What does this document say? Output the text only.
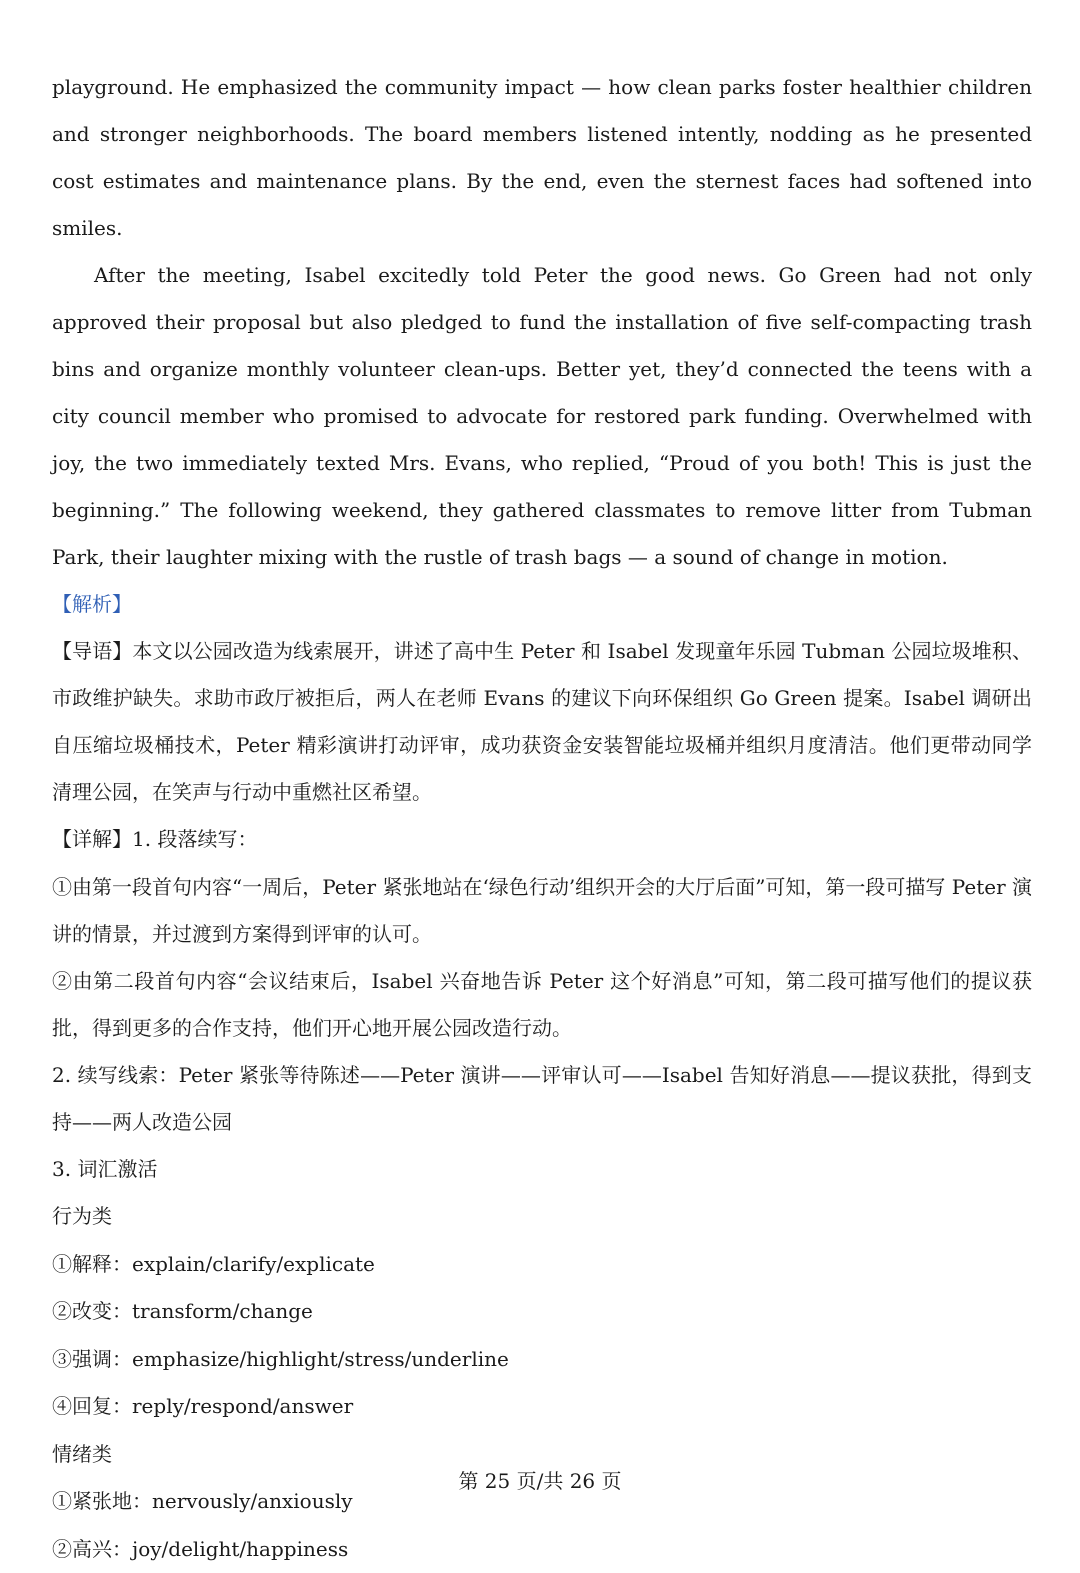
playground. He emphasized the community impact — how clean parks foster healthier children and stronger neighborhoods. The board members listened intently, nodding as he presented cost estimates and maintenance plans. By the end, even the sternest faces had softened into smiles.

After the meeting, Isabel excitedly told Peter the good news. Go Green had not only approved their proposal but also pledged to fund the installation of five self-compacting trash bins and organize monthly volunteer clean-ups. Better yet, they’d connected the teens with a city council member who promised to advocate for restored park funding. Overwhelmed with joy, the two immediately texted Mrs. Evans, who replied, “Proud of you both! This is just the beginning.” The following weekend, they gathered classmates to remove litter from Tubman Park, their laughter mixing with the rustle of trash bags — a sound of change in motion.

【解析】

【导语】本文以公园改造为线索展开，讲述了高中生 Peter 和 Isabel 发现童年乐园 Tubman 公园垃圾堆积、市政维护缺失。求助市政厅被拒后，两人在老师 Evans 的建议下向环保组织 Go Green 提案。Isabel 调研出自压缩垃圾桶技术，Peter 精彩演讲打动评审，成功获资金安装智能垃圾桶并组织月度清洁。他们更带动同学清理公园，在笑声与行动中重燃社区希望。

【详解】1. 段落续写：

①由第一段首句内容“一周后，Peter 紧张地站在‘绿色行动’组织开会的大厅后面”可知，第一段可描写 Peter 演讲的情景，并过渡到方案得到评审的认可。

②由第二段首句内容“会议结束后，Isabel 兴奋地告诉 Peter 这个好消息”可知，第二段可描写他们的提议获批，得到更多的合作支持，他们开心地开展公园改造行动。

2. 续写线索：Peter 紧张等待陈述——Peter 演讲——评审认可——Isabel 告知好消息——提议获批，得到支持——两人改造公园

3. 词汇激活

行为类

①解释：explain/clarify/explicate

②改变：transform/change

③强调：emphasize/highlight/stress/underline

④回复：reply/respond/answer

情绪类

①紧张地：nervously/anxiously

②高兴：joy/delight/happiness

第 25 页/共 26 页
